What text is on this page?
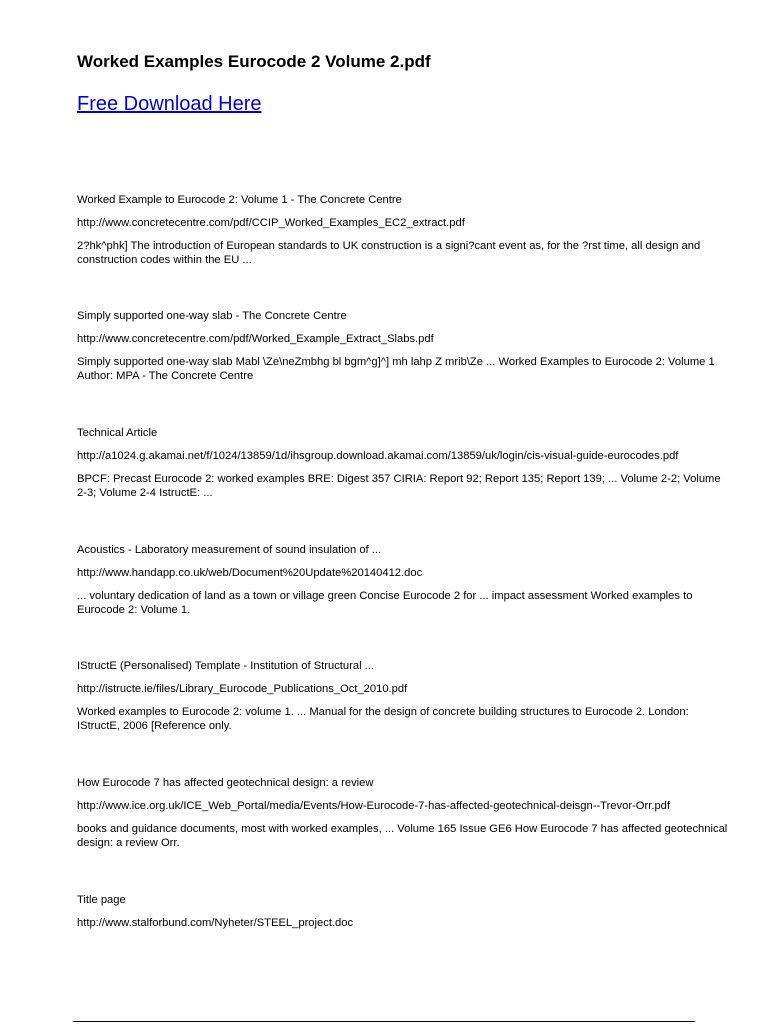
Worked Examples Eurocode 2 Volume 2.pdf
Free Download Here
Worked Example to Eurocode 2: Volume 1 - The Concrete Centre
http://www.concretecentre.com/pdf/CCIP_Worked_Examples_EC2_extract.pdf
2?hk^phk] The introduction of European standards to UK construction is a signi?cant event as, for the ?rst time, all design and construction codes within the EU ...
Simply supported one-way slab - The Concrete Centre
http://www.concretecentre.com/pdf/Worked_Example_Extract_Slabs.pdf
Simply supported one-way slab Mabl \Ze\neZmbhg bl bgm^g]^] mh lahp Z mrib\Ze ... Worked Examples to Eurocode 2: Volume 1 Author: MPA - The Concrete Centre
Technical Article
http://a1024.g.akamai.net/f/1024/13859/1d/ihsgroup.download.akamai.com/13859/uk/login/cis-visual-guide-eurocodes.pdf
BPCF: Precast Eurocode 2: worked examples BRE: Digest 357 CIRIA: Report 92; Report 135; Report 139; ... Volume 2-2; Volume 2-3; Volume 2-4 IstructE: ...
Acoustics - Laboratory measurement of sound insulation of ...
http://www.handapp.co.uk/web/Document%20Update%20140412.doc
... voluntary dedication of land as a town or village green Concise Eurocode 2 for ... impact assessment Worked examples to Eurocode 2: Volume 1.
IStructE (Personalised) Template - Institution of Structural ...
http://istructe.ie/files/Library_Eurocode_Publications_Oct_2010.pdf
Worked examples to Eurocode 2: volume 1. ... Manual for the design of concrete building structures to Eurocode 2. London: IStructE, 2006 [Reference only.
How Eurocode 7 has affected geotechnical design: a review
http://www.ice.org.uk/ICE_Web_Portal/media/Events/How-Eurocode-7-has-affected-geotechnical-deisgn--Trevor-Orr.pdf
books and guidance documents, most with worked examples, ... Volume 165 Issue GE6 How Eurocode 7 has affected geotechnical design: a review Orr.
Title page
http://www.stalforbund.com/Nyheter/STEEL_project.doc
